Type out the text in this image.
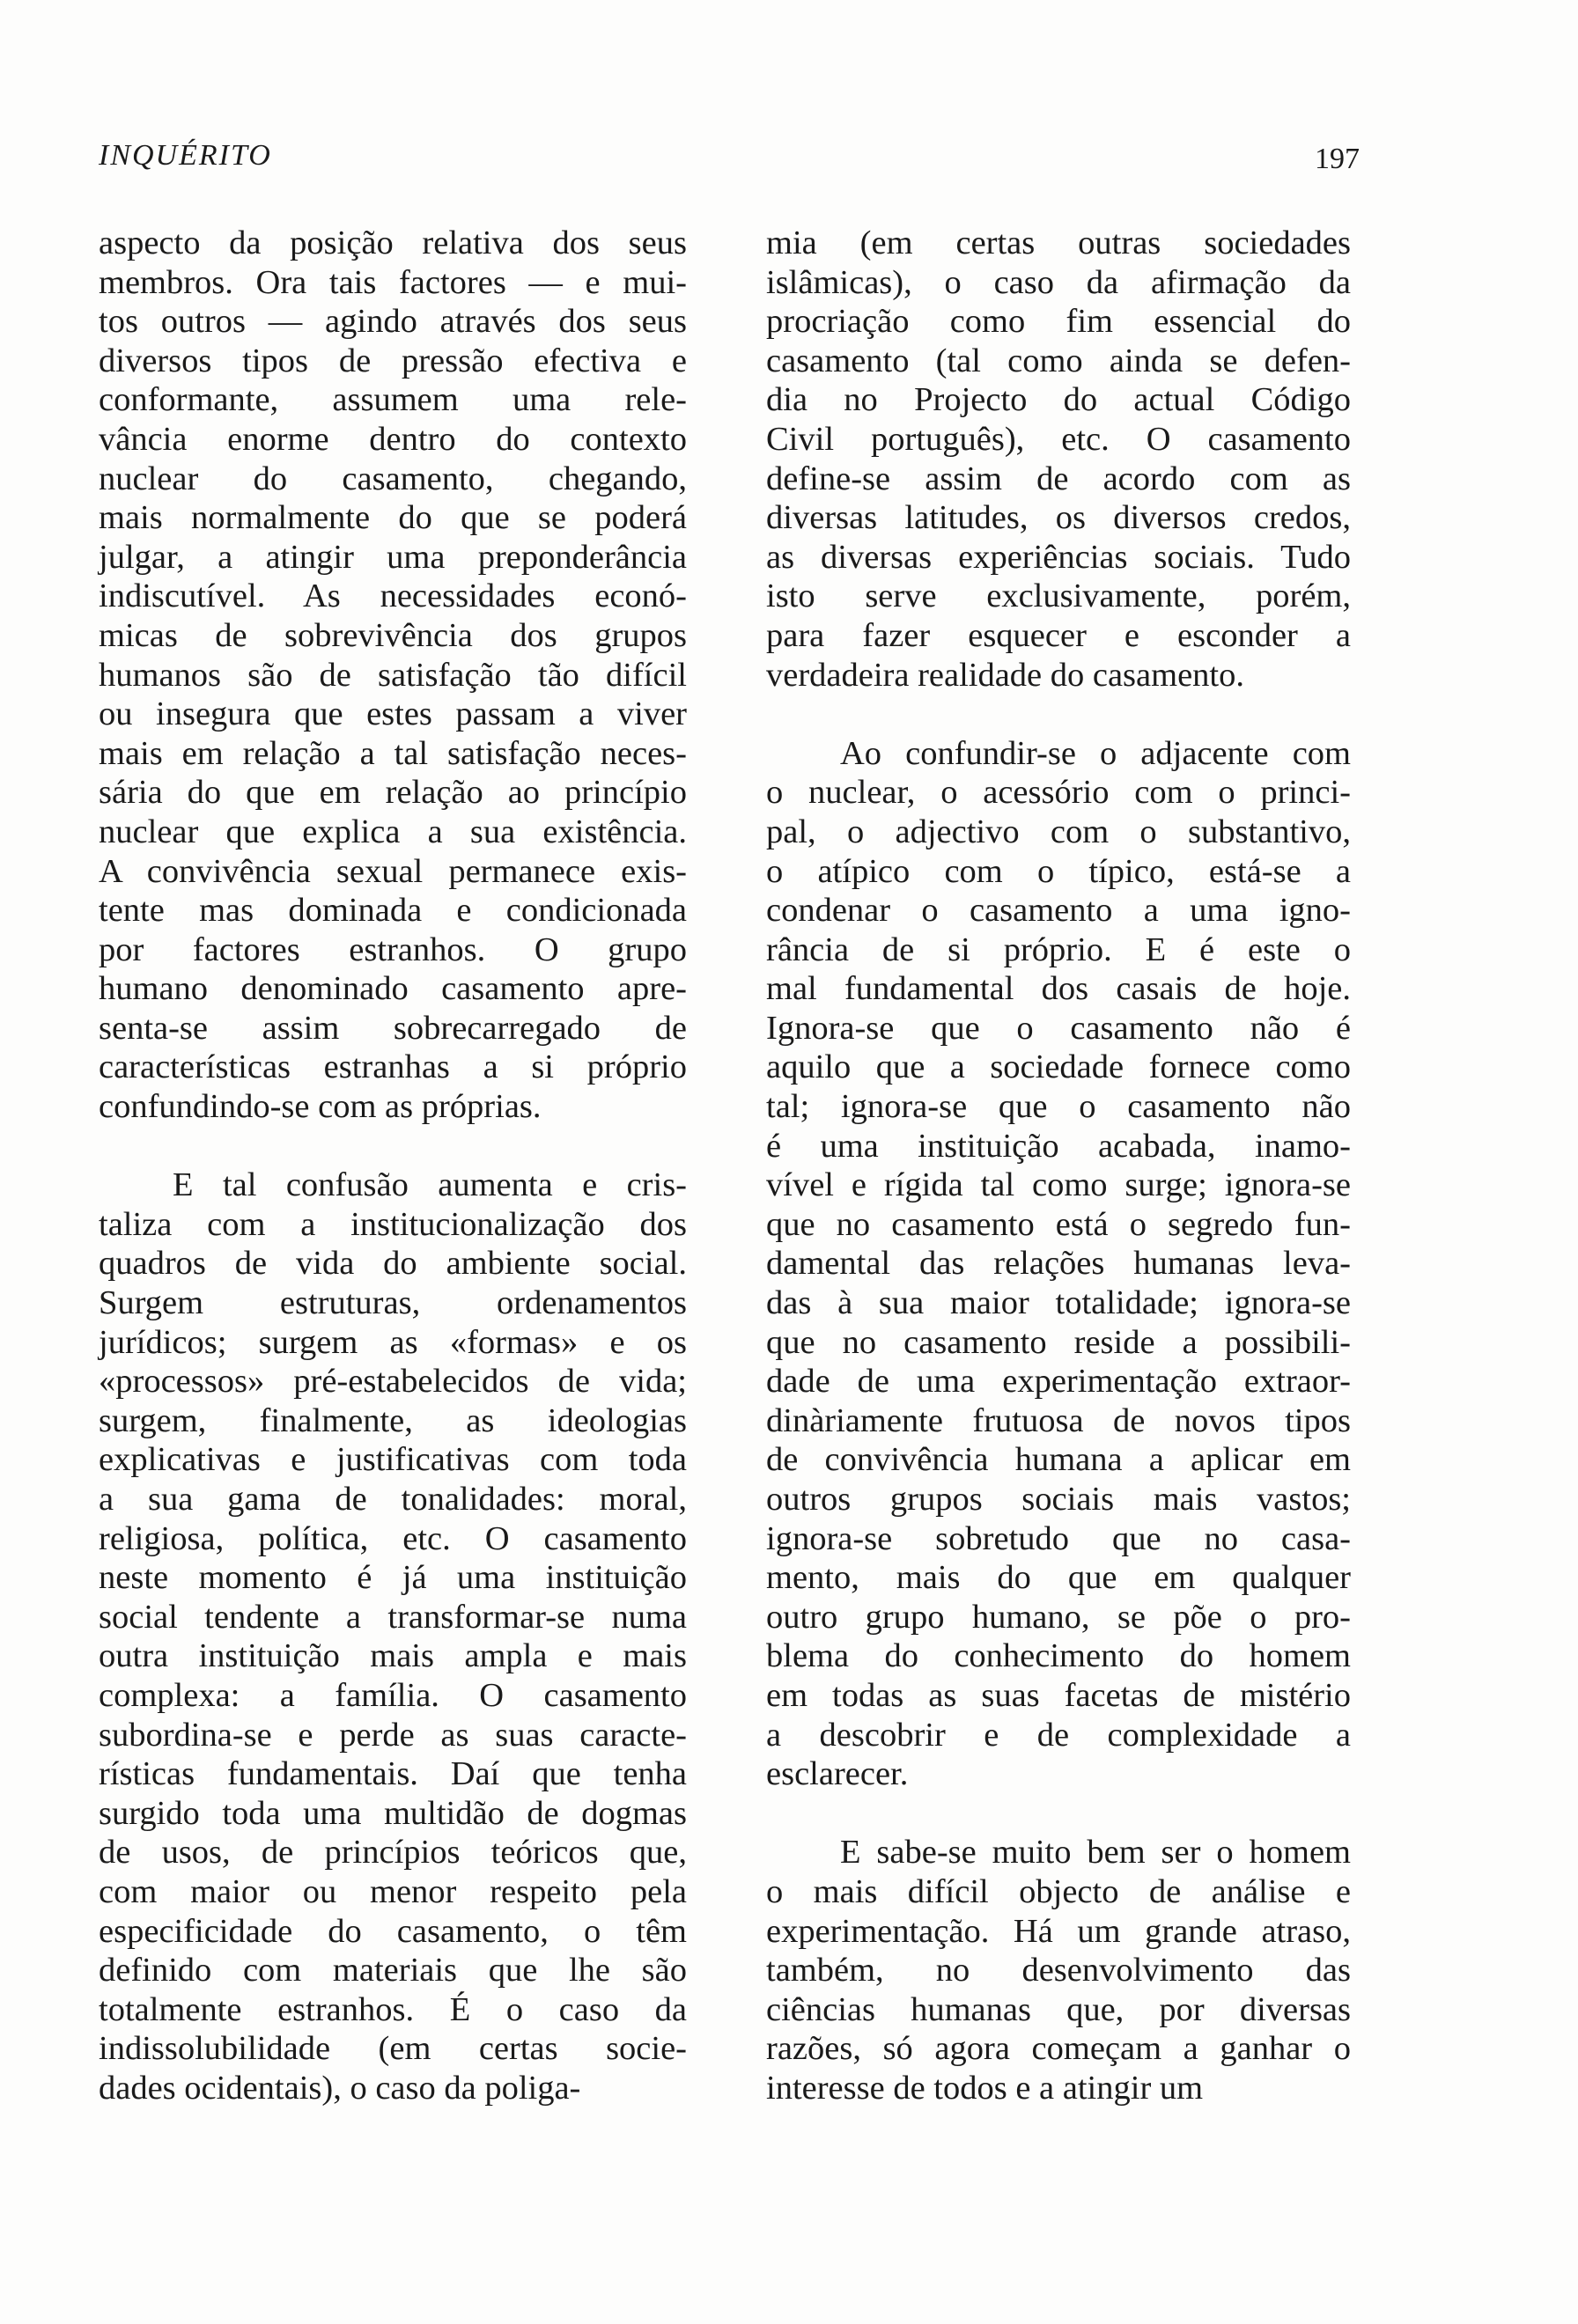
INQUÉRITO	197
aspecto da posição relativa dos seus
membros. Ora tais factores — e mui-
tos outros — agindo através dos seus
diversos tipos de pressão efectiva e
conformante, assumem uma rele-
vância enorme dentro do contexto
nuclear do casamento, chegando,
mais normalmente do que se poderá
julgar, a atingir uma preponderância
indiscutível. As necessidades econó-
micas de sobrevivência dos grupos
humanos são de satisfação tão difícil
ou insegura que estes passam a viver
mais em relação a tal satisfação neces-
sária do que em relação ao princípio
nuclear que explica a sua existência.
A convivência sexual permanece exis-
tente mas dominada e condicionada
por factores estranhos. O grupo
humano denominado casamento apre-
senta-se assim sobrecarregado de
características estranhas a si próprio
confundindo-se com as próprias.
E tal confusão aumenta e cris-
taliza com a institucionalização dos
quadros de vida do ambiente social.
Surgem estruturas, ordenamentos
jurídicos; surgem as «formas» e os
«processos» pré-estabelecidos de vida;
surgem, finalmente, as ideologias
explicativas e justificativas com toda
a sua gama de tonalidades: moral,
religiosa, política, etc. O casamento
neste momento é já uma instituição
social tendente a transformar-se numa
outra instituição mais ampla e mais
complexa: a família. O casamento
subordina-se e perde as suas caracte-
rísticas fundamentais. Daí que tenha
surgido toda uma multidão de dogmas
de usos, de princípios teóricos que,
com maior ou menor respeito pela
especificidade do casamento, o têm
definido com materiais que lhe são
totalmente estranhos. É o caso da
indissolubilidade (em certas socie-
dades ocidentais), o caso da poliga-
mia (em certas outras sociedades
islâmicas), o caso da afirmação da
procriação como fim essencial do
casamento (tal como ainda se defen-
dia no Projecto do actual Código
Civil português), etc. O casamento
define-se assim de acordo com as
diversas latitudes, os diversos credos,
as diversas experiências sociais. Tudo
isto serve exclusivamente, porém,
para fazer esquecer e esconder a
verdadeira realidade do casamento.
Ao confundir-se o adjacente com
o nuclear, o acessório com o princi-
pal, o adjectivo com o substantivo,
o atípico com o típico, está-se a
condenar o casamento a uma igno-
rância de si próprio. E é este o
mal fundamental dos casais de hoje.
Ignora-se que o casamento não é
aquilo que a sociedade fornece como
tal; ignora-se que o casamento não
é uma instituição acabada, inamo-
vível e rígida tal como surge; ignora-se
que no casamento está o segredo fun-
damental das relações humanas leva-
das à sua maior totalidade; ignora-se
que no casamento reside a possibili-
dade de uma experimentação extraor-
dinàriamente frutuosa de novos tipos
de convivência humana a aplicar em
outros grupos sociais mais vastos;
ignora-se sobretudo que no casa-
mento, mais do que em qualquer
outro grupo humano, se põe o pro-
blema do conhecimento do homem
em todas as suas facetas de mistério
a descobrir e de complexidade a
esclarecer.
E sabe-se muito bem ser o homem
o mais difícil objecto de análise e
experimentação. Há um grande atraso,
também, no desenvolvimento das
ciências humanas que, por diversas
razões, só agora começam a ganhar o
interesse de todos e a atingir um
